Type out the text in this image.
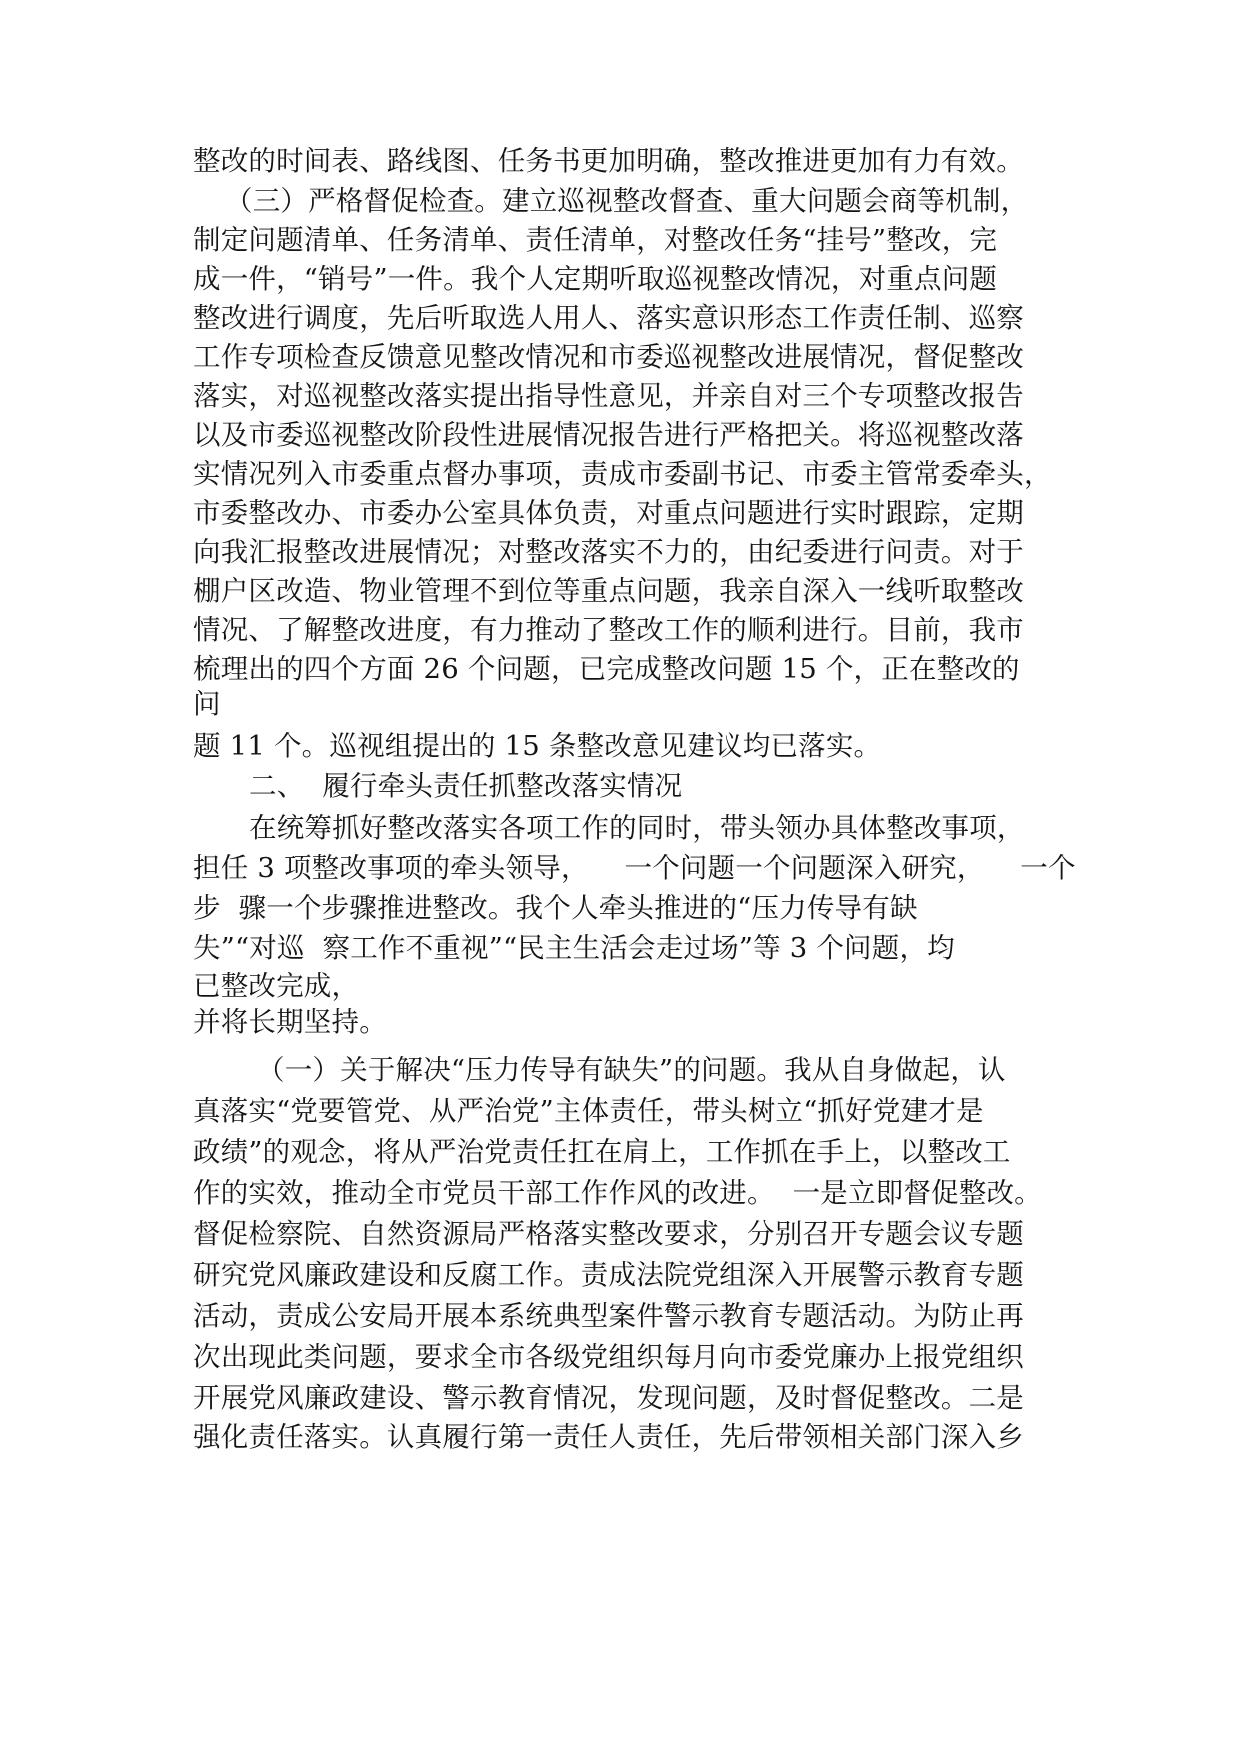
整改的时间表、路线图、任务书更加明确，整改推进更加有力有效。

（三）严格督促检查。建立巡视整改督查、重大问题会商等机制，

制定问题清单、任务清单、责任清单，对整改任务“挂号”整改，完

成一件，“销号”一件。我个人定期听取巡视整改情况，对重点问题

整改进行调度，先后听取选人用人、落实意识形态工作责任制、巡察

工作专项检查反馈意见整改情况和市委巡视整改进展情况，督促整改

落实，对巡视整改落实提出指导性意见，并亲自对三个专项整改报告

以及市委巡视整改阶段性进展情况报告进行严格把关。将巡视整改落

实情况列入市委重点督办事项，责成市委副书记、市委主管常委牵头，

市委整改办、市委办公室具体负责，对重点问题进行实时跟踪，定期

向我汇报整改进展情况；对整改落实不力的，由纪委进行问责。对于

棚户区改造、物业管理不到位等重点问题，我亲自深入一线听取整改

情况、了解整改进度，有力推动了整改工作的顺利进行。目前，我市

梳理出的四个方面 26 个问题，已完成整改问题 15 个，正在整改的

问

题 11 个。巡视组提出的 15 条整改意见建议均已落实。

二、  履行牵头责任抓整改落实情况

在统筹抓好整改落实各项工作的同时，带头领办具体整改事项，

担任 3 项整改事项的牵头领导，    一个问题一个问题深入研究，    一个

步  骤一个步骤推进整改。我个人牵头推进的“压力传导有缺

失”“对巡  察工作不重视”“民主生活会走过场”等 3 个问题，均

已整改完成，

并将长期坚持。

（一）关于解决“压力传导有缺失”的问题。我从自身做起，认

真落实“党要管党、从严治党”主体责任，带头树立“抓好党建才是

政绩”的观念，将从严治党责任扛在肩上，工作抓在手上，以整改工

作的实效，推动全市党员干部工作作风的改进。  一是立即督促整改。

督促检察院、自然资源局严格落实整改要求，分别召开专题会议专题

研究党风廉政建设和反腐工作。责成法院党组深入开展警示教育专题

活动，责成公安局开展本系统典型案件警示教育专题活动。为防止再

次出现此类问题，要求全市各级党组织每月向市委党廉办上报党组织

开展党风廉政建设、警示教育情况，发现问题，及时督促整改。二是

强化责任落实。认真履行第一责任人责任，先后带领相关部门深入乡
